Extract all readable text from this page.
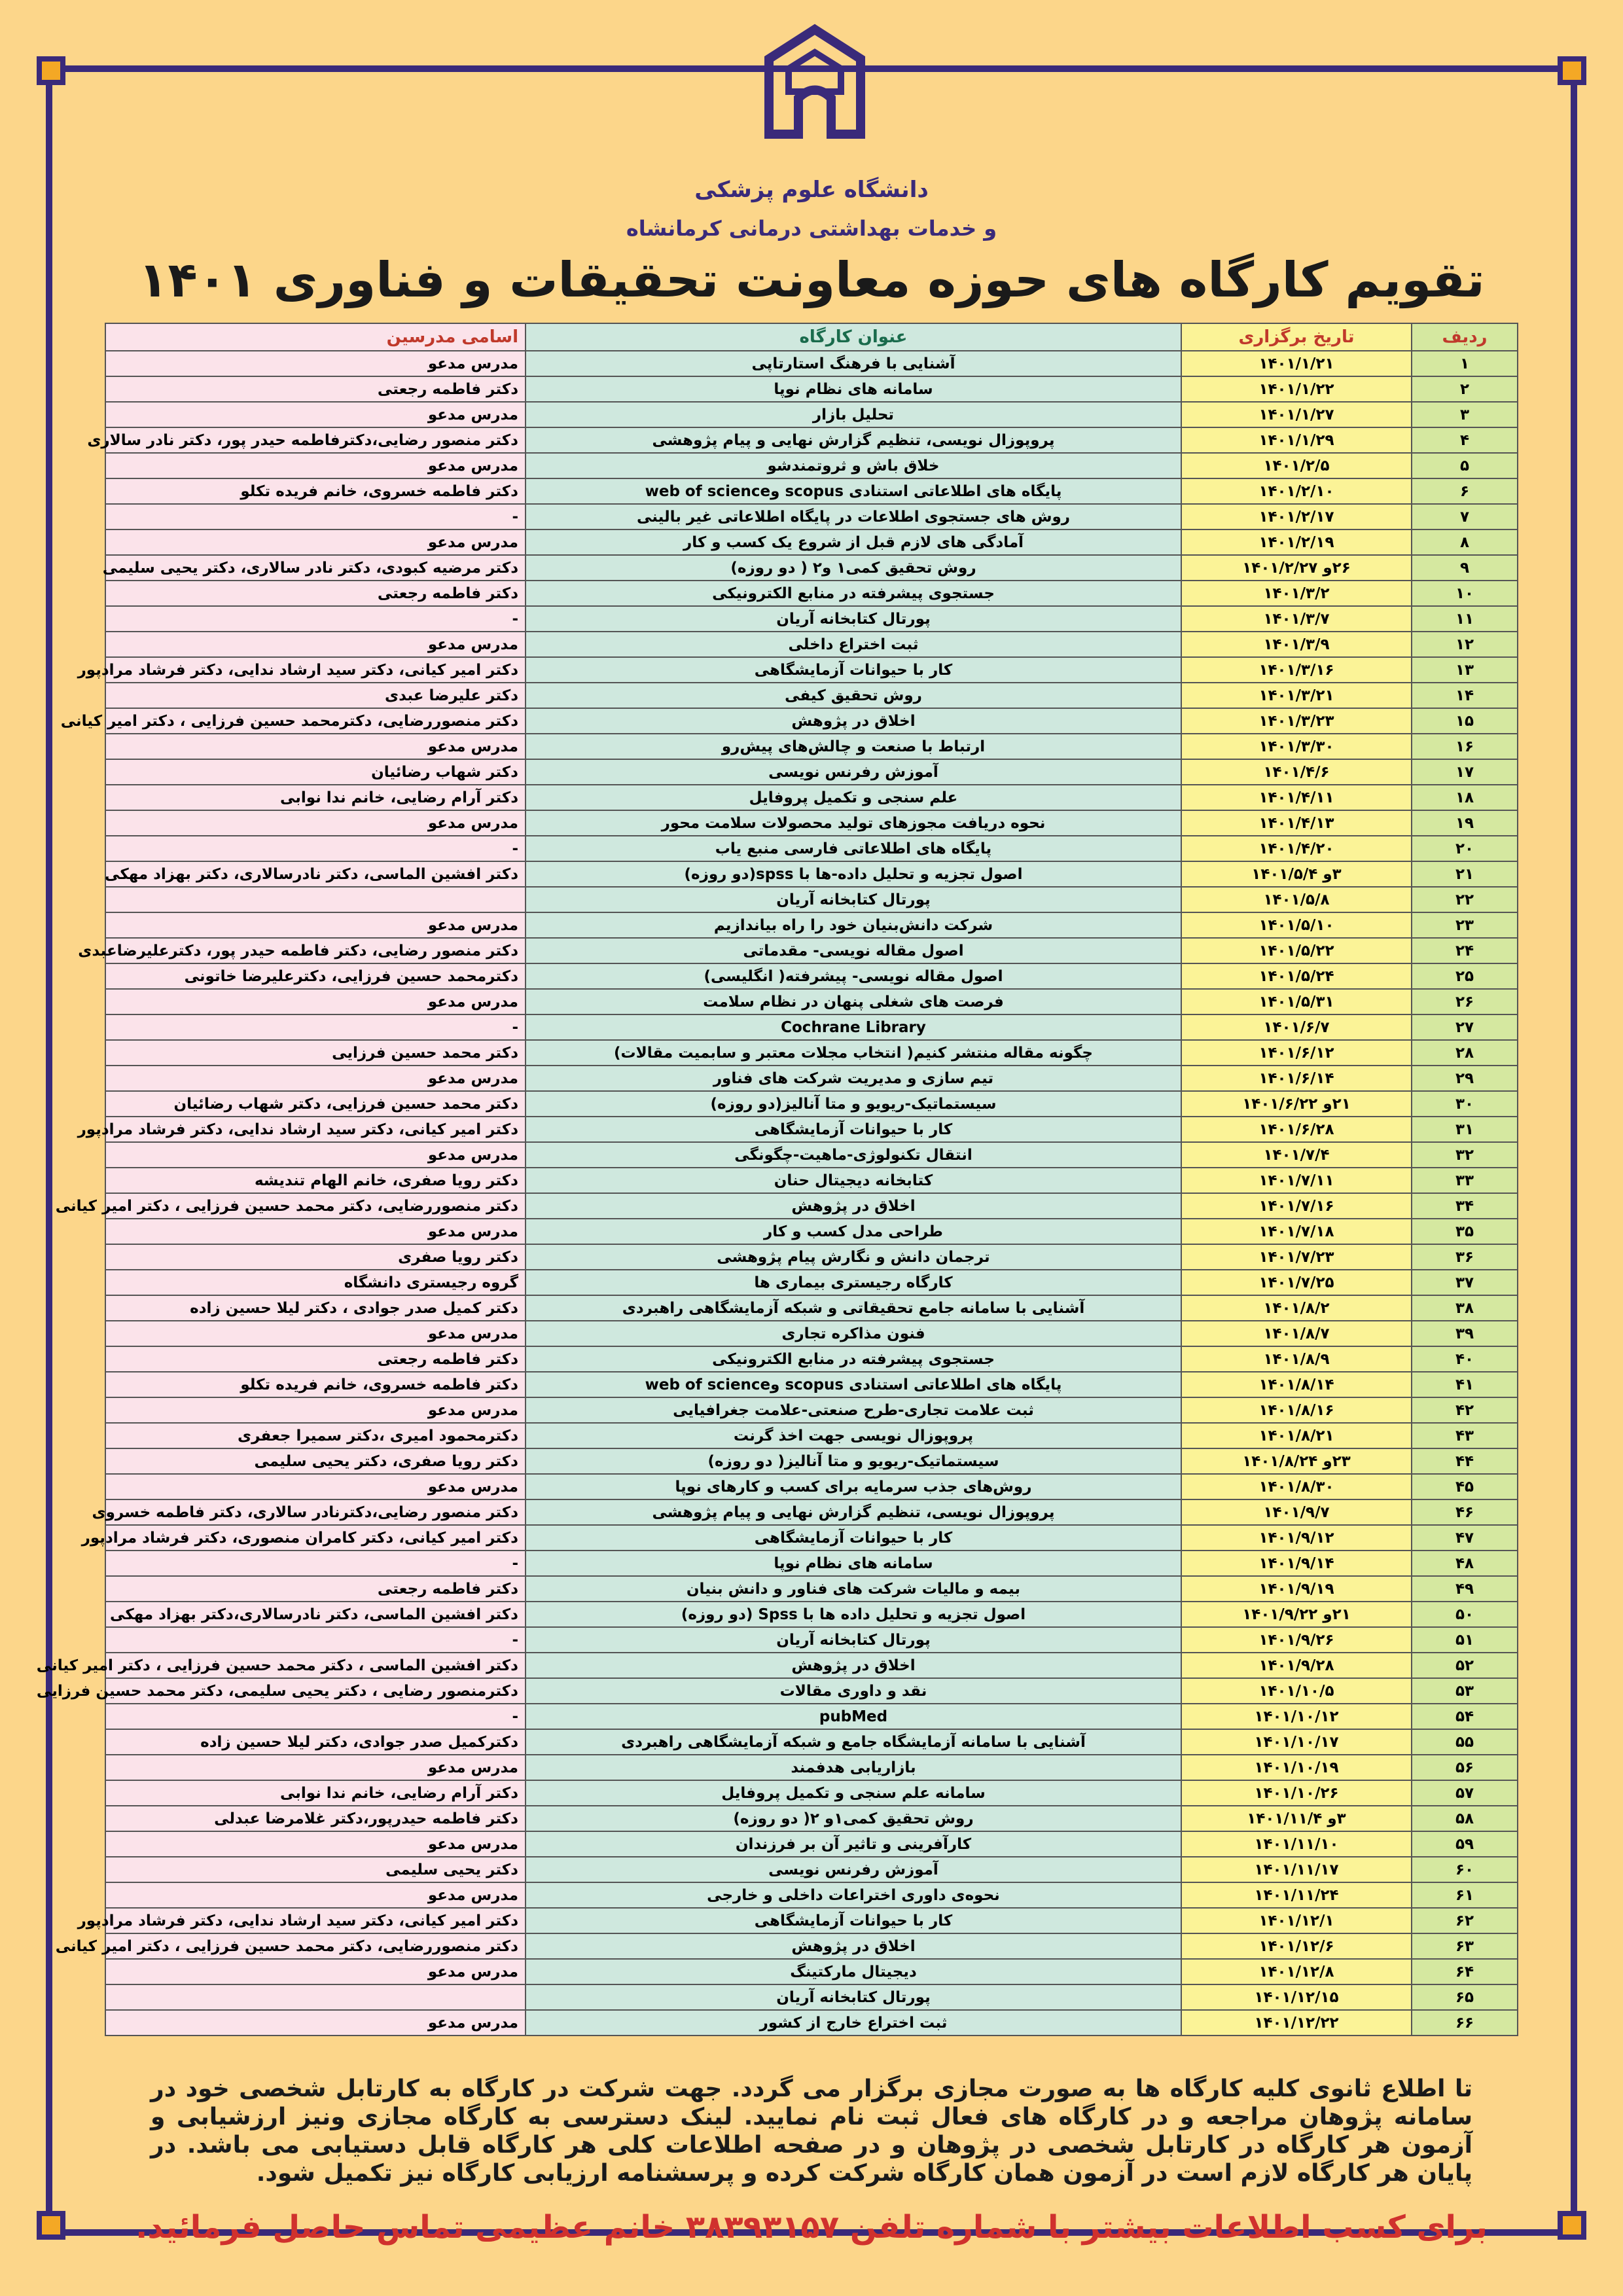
دانشگاه علوم پزشکی
و خدمات بهداشتی درمانی کرمانشاه
تقویم کارگاه های حوزه معاونت تحقیقات و فناوری ۱۴۰۱
ردیف	تاریخ برگزاری	عنوان کارگاه	اسامی مدرسین
۱	۱۴۰۱/۱/۲۱	آشنایی با فرهنگ استارتاپی	مدرس مدعو
۲	۱۴۰۱/۱/۲۲	سامانه های نظام نوپا	دکتر فاطمه رجعتی
۳	۱۴۰۱/۱/۲۷	تحلیل بازار	مدرس مدعو
۴	۱۴۰۱/۱/۲۹	پروپوزال نویسی، تنظیم گزارش نهایی و پیام پژوهشی	دکتر منصور رضایی،دکترفاطمه حیدر پور، دکتر نادر سالاری
۵	۱۴۰۱/۲/۵	خلاق باش و ثروتمندشو	مدرس مدعو
۶	۱۴۰۱/۲/۱۰	پایگاه های اطلاعاتی استنادی scopus وweb of science	دکتر فاطمه خسروی، خانم فریده تکلو
۷	۱۴۰۱/۲/۱۷	روش های جستجوی اطلاعات در پایگاه اطلاعاتی غیر بالینی	-
۸	۱۴۰۱/۲/۱۹	آمادگی های لازم قبل از شروع یک کسب و کار	مدرس مدعو
۹	۲۶و ۱۴۰۱/۲/۲۷	روش تحقیق کمی۱ و۲ ( دو روزه)	دکتر مرضیه کبودی، دکتر نادر سالاری، دکتر یحیی سلیمی
۱۰	۱۴۰۱/۳/۲	جستجوی پیشرفته در منابع الکترونیکی	دکتر فاطمه رجعتی
۱۱	۱۴۰۱/۳/۷	پورتال کتابخانه آریان	-
۱۲	۱۴۰۱/۳/۹	ثبت اختراع داخلی	مدرس مدعو
۱۳	۱۴۰۱/۳/۱۶	کار با حیوانات آزمایشگاهی	دکتر امیر کیانی، دکتر سید ارشاد ندایی، دکتر فرشاد مرادپور
۱۴	۱۴۰۱/۳/۲۱	روش تحقیق کیفی	دکتر علیرضا عبدی
۱۵	۱۴۰۱/۳/۲۳	اخلاق در پژوهش	دکتر منصوررضایی، دکترمحمد حسین فرزایی ، دکتر امیر کیانی
۱۶	۱۴۰۱/۳/۳۰	ارتباط با صنعت و چالش‌های پیش‌رو	مدرس مدعو
۱۷	۱۴۰۱/۴/۶	آموزش رفرنس نویسی	دکتر شهاب رضائیان
۱۸	۱۴۰۱/۴/۱۱	علم سنجی و تکمیل پروفایل	دکتر آرام رضایی، خانم ندا نوابی
۱۹	۱۴۰۱/۴/۱۳	نحوه دریافت مجوزهای تولید محصولات سلامت محور	مدرس مدعو
۲۰	۱۴۰۱/۴/۲۰	پایگاه های اطلاعاتی فارسی منبع یاب	-
۲۱	۳و ۱۴۰۱/۵/۴	اصول تجزیه و تحلیل داده-ها با spss(دو روزه)	دکتر افشین الماسی، دکتر نادرسالاری، دکتر بهزاد مهکی
۲۲	۱۴۰۱/۵/۸	پورتال کتابخانه آریان	
۲۳	۱۴۰۱/۵/۱۰	شرکت دانش‌بنیان خود را راه بیاندازیم	مدرس مدعو
۲۴	۱۴۰۱/۵/۲۲	اصول مقاله نویسی- مقدماتی	دکتر منصور رضایی، دکتر فاطمه حیدر پور، دکترعلیرضاعبدی
۲۵	۱۴۰۱/۵/۲۴	اصول مقاله نویسی- پیشرفته( انگلیسی)	دکترمحمد حسین فرزایی، دکترعلیرضا خاتونی
۲۶	۱۴۰۱/۵/۳۱	فرصت های شغلی پنهان در نظام سلامت	مدرس مدعو
۲۷	۱۴۰۱/۶/۷	Cochrane Library	-
۲۸	۱۴۰۱/۶/۱۲	چگونه مقاله منتشر کنیم( انتخاب مجلات معتبر و سابمیت مقالات)	دکتر محمد حسین فرزایی
۲۹	۱۴۰۱/۶/۱۴	تیم سازی و مدیریت شرکت های فناور	مدرس مدعو
۳۰	۲۱و ۱۴۰۱/۶/۲۲	سیستماتیک-ریویو و متا آنالیز(دو روزه)	دکتر محمد حسین فرزایی، دکتر شهاب رضائیان
۳۱	۱۴۰۱/۶/۲۸	کار با حیوانات آزمایشگاهی	دکتر امیر کیانی، دکتر سید ارشاد ندایی، دکتر فرشاد مرادپور
۳۲	۱۴۰۱/۷/۴	انتقال تکنولوژی-ماهیت-چگونگی	مدرس مدعو
۳۳	۱۴۰۱/۷/۱۱	کتابخانه دیجیتال حنان	دکتر رویا صفری، خانم الهام تندیشه
۳۴	۱۴۰۱/۷/۱۶	اخلاق در پژوهش	دکتر منصوررضایی، دکتر محمد حسین فرزایی ، دکتر امیر کیانی
۳۵	۱۴۰۱/۷/۱۸	طراحی مدل کسب و کار	مدرس مدعو
۳۶	۱۴۰۱/۷/۲۳	ترجمان دانش و نگارش پیام پژوهشی	دکتر رویا صفری
۳۷	۱۴۰۱/۷/۲۵	کارگاه رجیستری بیماری ها	گروه رجیستری دانشگاه
۳۸	۱۴۰۱/۸/۲	آشنایی با سامانه جامع تحقیقاتی و شبکه آزمایشگاهی راهبردی	دکتر کمیل صدر جوادی ، دکتر لیلا حسین زاده
۳۹	۱۴۰۱/۸/۷	فنون مذاکره تجاری	مدرس مدعو
۴۰	۱۴۰۱/۸/۹	جستجوی پیشرفته در منابع الکترونیکی	دکتر فاطمه رجعتی
۴۱	۱۴۰۱/۸/۱۴	پایگاه های اطلاعاتی استنادی scopus وweb of science	دکتر فاطمه خسروی، خانم فریده تکلو
۴۲	۱۴۰۱/۸/۱۶	ثبت علامت تجاری-طرح صنعتی-علامت جغرافیایی	مدرس مدعو
۴۳	۱۴۰۱/۸/۲۱	پروپوزال نویسی جهت اخذ گرنت	دکترمحمود امیری ،دکتر سمیرا جعفری
۴۴	۲۳و ۱۴۰۱/۸/۲۴	سیستماتیک-ریویو و متا آنالیز( دو روزه)	دکتر رویا صفری، دکتر یحیی سلیمی
۴۵	۱۴۰۱/۸/۳۰	روش‌های جذب سرمایه برای کسب و کارهای نوپا	مدرس مدعو
۴۶	۱۴۰۱/۹/۷	پروپوزال نویسی، تنظیم گزارش نهایی و پیام پژوهشی	دکتر منصور رضایی،دکترنادر سالاری، دکتر فاطمه خسروی
۴۷	۱۴۰۱/۹/۱۲	کار با حیوانات آزمایشگاهی	دکتر امیر کیانی، دکتر کامران منصوری، دکتر فرشاد مرادپور
۴۸	۱۴۰۱/۹/۱۴	سامانه های نظام نوپا	-
۴۹	۱۴۰۱/۹/۱۹	بیمه و مالیات شرکت های فناور و دانش بنیان	دکتر فاطمه رجعتی
۵۰	۲۱و ۱۴۰۱/۹/۲۲	اصول تجزیه و تحلیل داده ها با Spss (دو روزه)	دکتر افشین الماسی، دکتر نادرسالاری،دکتر بهزاد مهکی
۵۱	۱۴۰۱/۹/۲۶	پورتال کتابخانه آریان	-
۵۲	۱۴۰۱/۹/۲۸	اخلاق در پژوهش	دکتر افشین الماسی ، دکتر محمد حسین فرزایی ، دکتر امیر کیانی
۵۳	۱۴۰۱/۱۰/۵	نقد و داوری مقالات	دکترمنصور رضایی ، دکتر یحیی سلیمی، دکتر محمد حسین فرزایی
۵۴	۱۴۰۱/۱۰/۱۲	pubMed	-
۵۵	۱۴۰۱/۱۰/۱۷	آشنایی با سامانه آزمایشگاه جامع و شبکه آزمایشگاهی راهبردی	دکترکمیل صدر جوادی، دکتر لیلا حسین زاده
۵۶	۱۴۰۱/۱۰/۱۹	بازاریابی هدفمند	مدرس مدعو
۵۷	۱۴۰۱/۱۰/۲۶	سامانه علم سنجی و تکمیل پروفایل	دکتر آرام رضایی، خانم ندا نوابی
۵۸	۳و ۱۴۰۱/۱۱/۴	روش تحقیق کمی۱و ۲( دو روزه)	دکتر فاطمه حیدرپور،دکتر غلامرضا عبدلی
۵۹	۱۴۰۱/۱۱/۱۰	کارآفرینی و تاثیر آن بر فرزندان	مدرس مدعو
۶۰	۱۴۰۱/۱۱/۱۷	آموزش رفرنس نویسی	دکتر یحیی سلیمی
۶۱	۱۴۰۱/۱۱/۲۴	نحوه‌ی داوری اختراعات داخلی و خارجی	مدرس مدعو
۶۲	۱۴۰۱/۱۲/۱	کار با حیوانات آزمایشگاهی	دکتر امیر کیانی، دکتر سید ارشاد ندایی، دکتر فرشاد مرادپور
۶۳	۱۴۰۱/۱۲/۶	اخلاق در پژوهش	دکتر منصوررضایی، دکتر محمد حسین فرزایی ، دکتر امیر کیانی
۶۴	۱۴۰۱/۱۲/۸	دیجیتال مارکتینگ	مدرس مدعو
۶۵	۱۴۰۱/۱۲/۱۵	پورتال کتابخانه آریان	
۶۶	۱۴۰۱/۱۲/۲۲	ثبت اختراع خارج از کشور	مدرس مدعو
تا اطلاع ثانوی کلیه کارگاه ها به صورت مجازی برگزار می گردد. جهت شرکت در کارگاه به کارتابل شخصی خود در سامانه پژوهان مراجعه و در کارگاه های فعال ثبت نام نمایید. لینک دسترسی به کارگاه مجازی ونیز ارزشیابی و آزمون هر کارگاه در کارتابل شخصی در پژوهان و در صفحه اطلاعات کلی هر کارگاه قابل دستیابی می باشد. در پایان هر کارگاه لازم است در آزمون همان کارگاه شرکت کرده و پرسشنامه ارزیابی کارگاه نیز تکمیل شود.
برای کسب اطلاعات بیشتر با شماره تلفن ۳۸۳۹۳۱۵۷ خانم عظیمی تماس حاصل فرمائید.
